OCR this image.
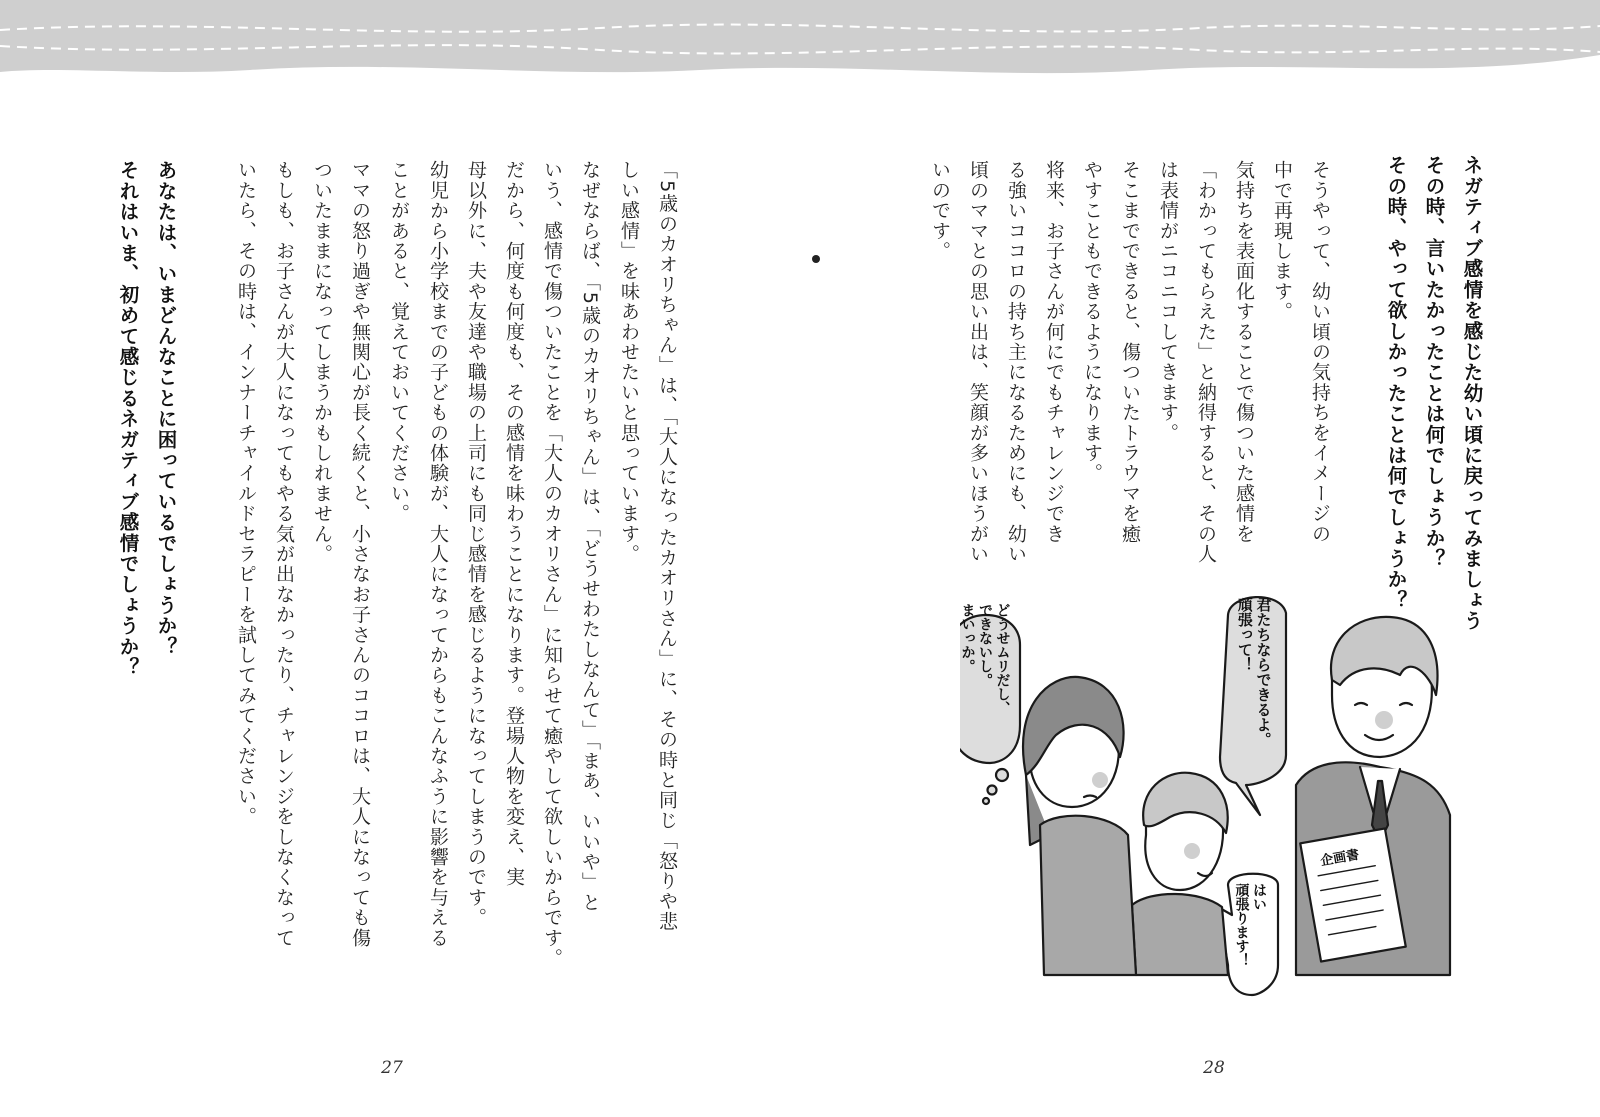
「5歳のカオリちゃん」は、「大人になったカオリさん」に、その時と同じ「怒りや悲
しい感情」を味あわせたいと思っています。
なぜならば、「5歳のカオリちゃん」は、「どうせわたしなんて」「まあ、いいや」と
いう、感情で傷ついたことを「大人のカオリさん」に知らせて癒やして欲しいからです。
だから、何度も何度も、その感情を味わうことになります。登場人物を変え、実
母以外に、夫や友達や職場の上司にも同じ感情を感じるようになってしまうのです。
幼児から小学校までの子どもの体験が、大人になってからもこんなふうに影響を与える
ことがあると、覚えておいてください。
ママの怒り過ぎや無関心が長く続くと、小さなお子さんのココロは、大人になっても傷
ついたままになってしまうかもしれません。
もしも、お子さんが大人になってもやる気が出なかったり、チャレンジをしなくなって
いたら、その時は、インナーチャイルドセラピーを試してみてください。
あなたは、いまどんなことに困っているでしょうか？
それはいま、初めて感じるネガティブ感情でしょうか？
27
ネガティブ感情を感じた幼い頃に戻ってみましょう
その時、言いたかったことは何でしょうか？
その時、やって欲しかったことは何でしょうか？
そうやって、幼い頃の気持ちをイメージの
中で再現します。
気持ちを表面化することで傷ついた感情を
「わかってもらえた」と納得すると、その人
は表情がニコニコしてきます。
そこまでできると、傷ついたトラウマを癒
やすこともできるようになります。
将来、お子さんが何にでもチャレンジでき
る強いココロの持ち主になるためにも、幼い
頃のママとの思い出は、笑顔が多いほうがい
いのです。
君たちならできるよ。
頑張って！
どうせムリだし、
できないし。
まいっか。
はい
頑張ります！
企画書
28
